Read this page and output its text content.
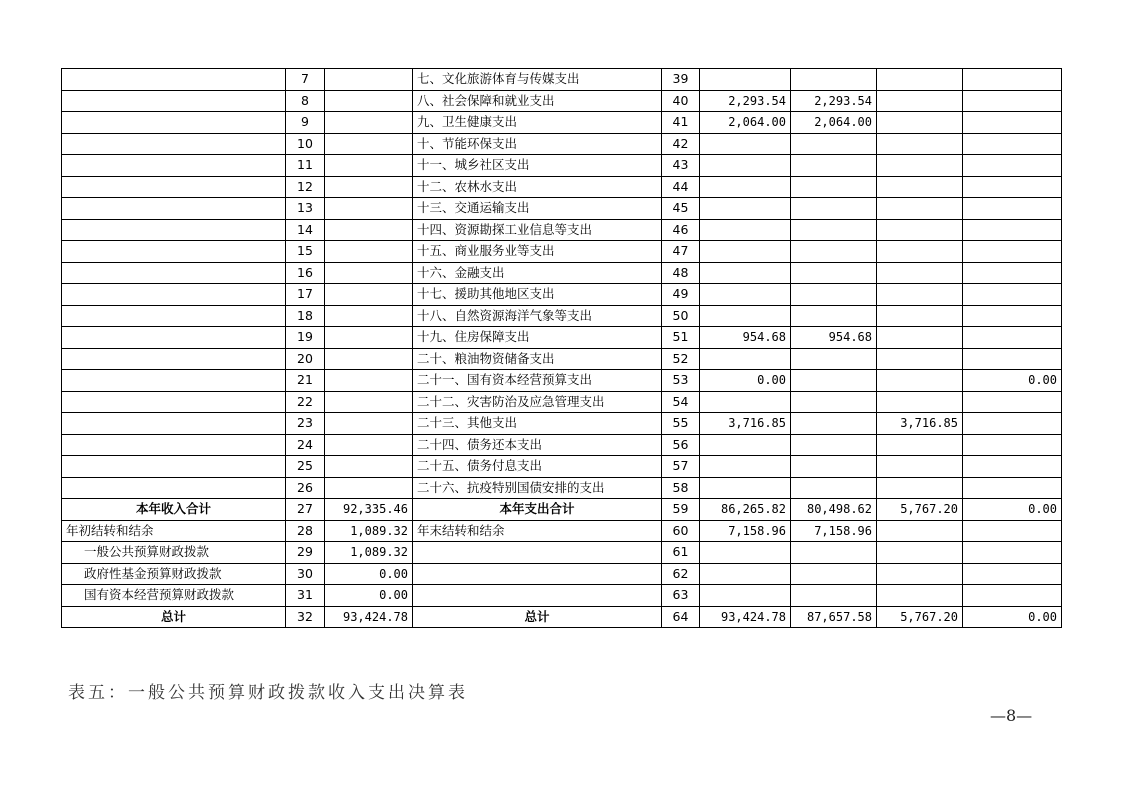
	7		七、文化旅游体育与传媒支出	39				
	8		八、社会保障和就业支出	40	2,293.54	2,293.54		
	9		九、卫生健康支出	41	2,064.00	2,064.00		
	10		十、节能环保支出	42				
	11		十一、城乡社区支出	43				
	12		十二、农林水支出	44				
	13		十三、交通运输支出	45				
	14		十四、资源勘探工业信息等支出	46				
	15		十五、商业服务业等支出	47				
	16		十六、金融支出	48				
	17		十七、援助其他地区支出	49				
	18		十八、自然资源海洋气象等支出	50				
	19		十九、住房保障支出	51	954.68	954.68		
	20		二十、粮油物资储备支出	52				
	21		二十一、国有资本经营预算支出	53	0.00			0.00
	22		二十二、灾害防治及应急管理支出	54				
	23		二十三、其他支出	55	3,716.85		3,716.85	
	24		二十四、债务还本支出	56				
	25		二十五、债务付息支出	57				
	26		二十六、抗疫特别国债安排的支出	58				
本年收入合计	27	92,335.46	本年支出合计	59	86,265.82	80,498.62	5,767.20	0.00
年初结转和结余	28	1,089.32	年末结转和结余	60	7,158.96	7,158.96		
一般公共预算财政拨款	29	1,089.32		61				
政府性基金预算财政拨款	30	0.00		62				
国有资本经营预算财政拨款	31	0.00		63				
总计	32	93,424.78	总计	64	93,424.78	87,657.58	5,767.20	0.00
表五：一般公共预算财政拨款收入支出决算表
—8—
